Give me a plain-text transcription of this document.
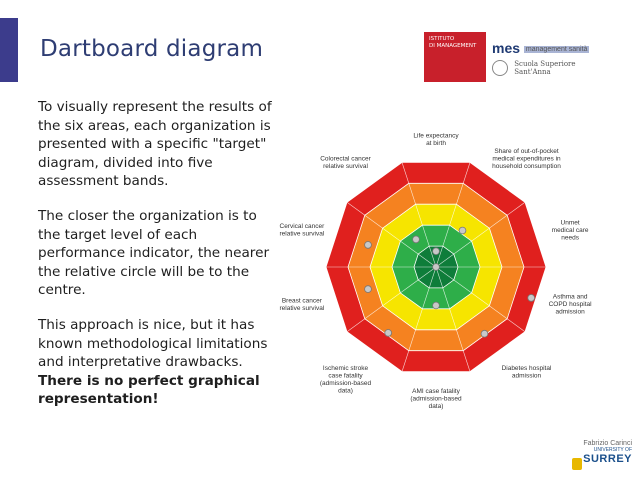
Dartboard diagram	ISTITUTO
DI MANAGEMENT	mes management sanità
Scuola Superiore
Sant'Anna

To visually represent the results of the six areas, each organization is presented with a specific "target" diagram, divided into five assessment bands.

The closer the organization is to the target level of each performance indicator, the nearer the relative circle will be to the centre.

This approach is nice, but it has known methodological limitations and interpretative drawbacks. There is no perfect graphical representation!

Life expectancy at birth
Share of out-of-pocket medical expenditures in household consumption
Unmet medical care needs
Asthma and COPD hospital admission
Diabetes hospital admission
AMI case fatality (admission-based data)
Ischemic stroke case fatality (admission-based data)
Breast cancer relative survival
Cervical cancer relative survival
Colorectal cancer relative survival
Fabrizio Carinci
UNIVERSITY OF
SURREY
